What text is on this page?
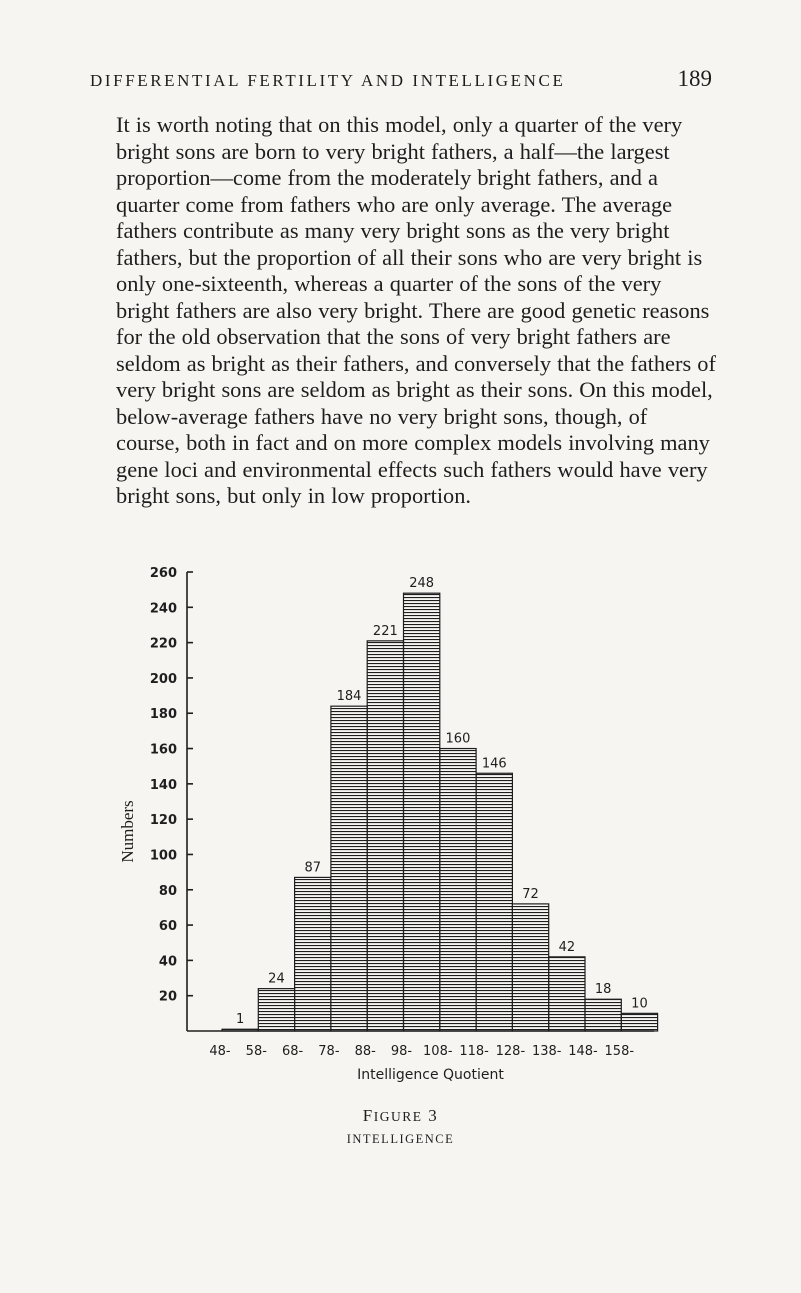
DIFFERENTIAL FERTILITY AND INTELLIGENCE	189

It is worth noting that on this model, only a quarter of the very bright sons are born to very bright fathers, a half—the largest proportion—come from the moderately bright fathers, and a quarter come from fathers who are only average. The average fathers contribute as many very bright sons as the very bright fathers, but the proportion of all their sons who are very bright is only one-sixteenth, whereas a quarter of the sons of the very bright fathers are also very bright. There are good genetic reasons for the old observation that the sons of very bright fathers are seldom as bright as their fathers, and conversely that the fathers of very bright sons are seldom as bright as their sons. On this model, below-average fathers have no very bright sons, though, of course, both in fact and on more complex models involving many gene loci and environmental effects such fathers would have very bright sons, but only in low proportion.

20
40
60
80
100
120
140
160
180
200
220
240
260
Numbers
1
48-
24
58-
87
68-
184
78-
221
88-
248
98-
160
108-
146
118-
72
128-
42
138-
18
148-
10
158-
Intelligence Quotient
FIGURE 3
INTELLIGENCE
